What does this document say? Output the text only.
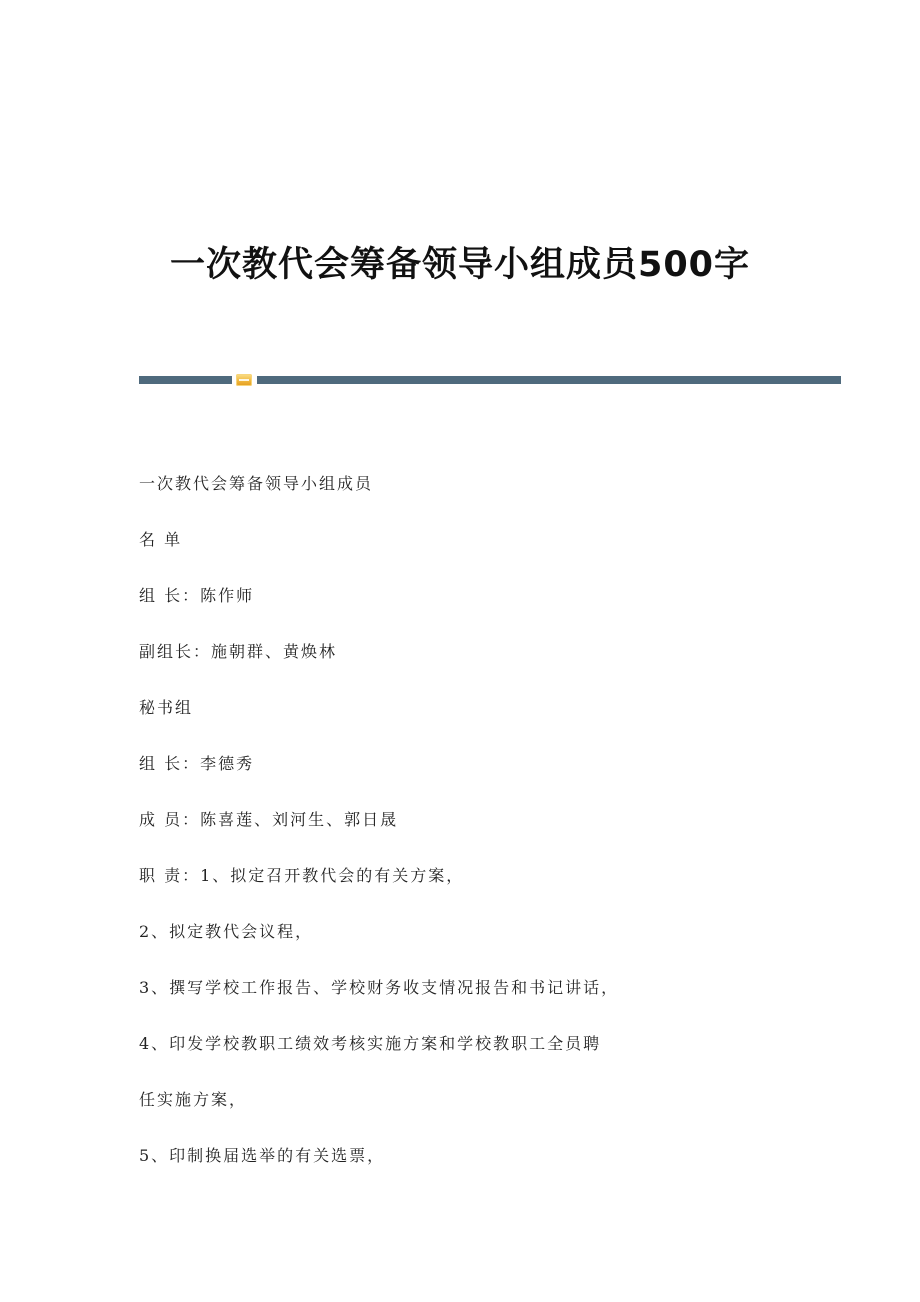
一次教代会筹备领导小组成员500字
一次教代会筹备领导小组成员
名 单
组 长：陈作师
副组长：施朝群、黄焕林
秘书组
组 长：李德秀
成 员：陈喜莲、刘河生、郭日晟
职 责：1、拟定召开教代会的有关方案，
2、拟定教代会议程，
3、撰写学校工作报告、学校财务收支情况报告和书记讲话，
4、印发学校教职工绩效考核实施方案和学校教职工全员聘
任实施方案，
5、印制换届选举的有关选票，
